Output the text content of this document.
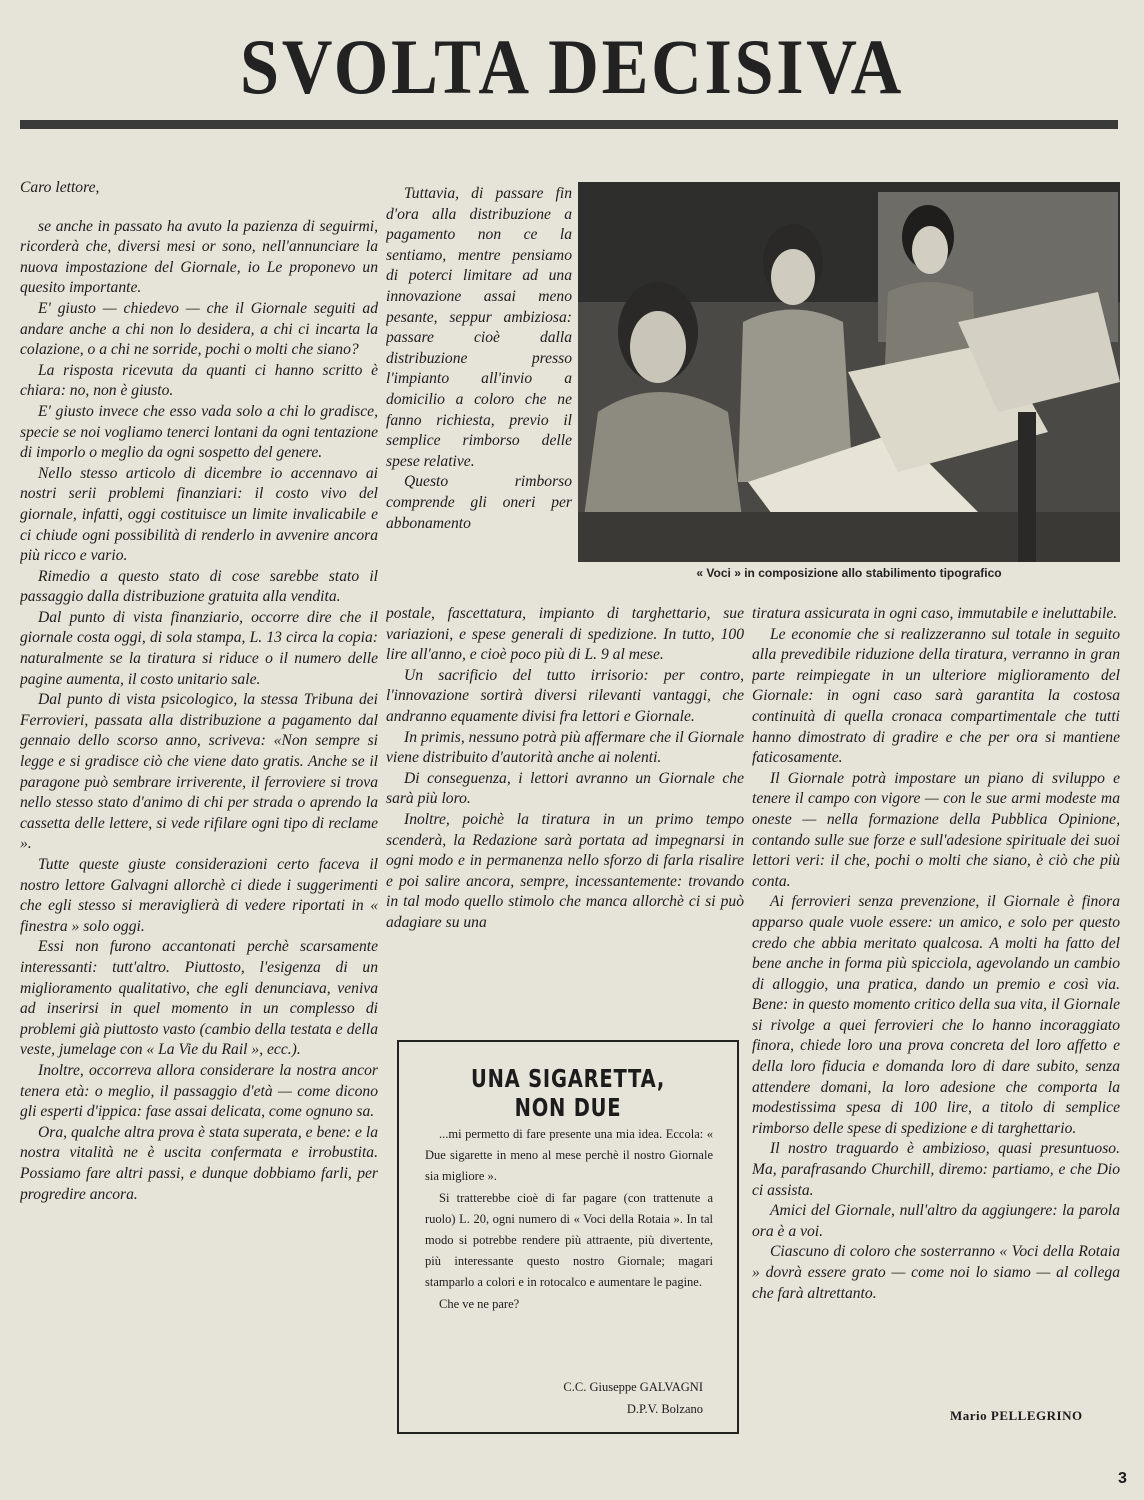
SVOLTA DECISIVA

Caro lettore,

se anche in passato ha avuto la pazienza di seguirmi, ricorderà che, diversi mesi or sono, nell'annunciare la nuova impostazione del Giornale, io Le proponevo un quesito importante.

E' giusto — chiedevo — che il Giornale seguiti ad andare anche a chi non lo desidera, a chi ci incarta la colazione, o a chi ne sorride, pochi o molti che siano?

La risposta ricevuta da quanti ci hanno scritto è chiara: no, non è giusto.

E' giusto invece che esso vada solo a chi lo gradisce, specie se noi vogliamo tenerci lontani da ogni tentazione di imporlo o meglio da ogni sospetto del genere.

Nello stesso articolo di dicembre io accennavo ai nostri serii problemi finanziari: il costo vivo del giornale, infatti, oggi costituisce un limite invalicabile e ci chiude ogni possibilità di renderlo in avvenire ancora più ricco e vario.

Rimedio a questo stato di cose sarebbe stato il passaggio dalla distribuzione gratuita alla vendita.

Dal punto di vista finanziario, occorre dire che il giornale costa oggi, di sola stampa, L. 13 circa la copia: naturalmente se la tiratura si riduce o il numero delle pagine aumenta, il costo unitario sale.

Dal punto di vista psicologico, la stessa Tribuna dei Ferrovieri, passata alla distribuzione a pagamento dal gennaio dello scorso anno, scriveva: «Non sempre si legge e si gradisce ciò che viene dato gratis. Anche se il paragone può sembrare irriverente, il ferroviere si trova nello stesso stato d'animo di chi per strada o aprendo la cassetta delle lettere, si vede rifilare ogni tipo di reclame ».

Tutte queste giuste considerazioni certo faceva il nostro lettore Galvagni allorchè ci diede i suggerimenti che egli stesso si meraviglierà di vedere riportati in « finestra » solo oggi.

Essi non furono accantonati perchè scarsamente interessanti: tutt'altro. Piuttosto, l'esigenza di un miglioramento qualitativo, che egli denunciava, veniva ad inserirsi in quel momento in un complesso di problemi già piuttosto vasto (cambio della testata e della veste, jumelage con « La Vie du Rail », ecc.).

Inoltre, occorreva allora considerare la nostra ancor tenera età: o meglio, il passaggio d'età — come dicono gli esperti d'ippica: fase assai delicata, come ognuno sa.

Ora, qualche altra prova è stata superata, e bene: e la nostra vitalità ne è uscita confermata e irrobustita. Possiamo fare altri passi, e dunque dobbiamo farli, per progredire ancora.

Tuttavia, di passare fin d'ora alla distribuzione a pagamento non ce la sentiamo, mentre pensiamo di poterci limitare ad una innovazione assai meno pesante, seppur ambiziosa: passare cioè dalla distribuzione presso l'impianto all'invio a domicilio a coloro che ne fanno richiesta, previo il semplice rimborso delle spese relative.

Questo rimborso comprende gli oneri per abbonamento

« Voci » in composizione allo stabilimento tipografico

postale, fascettatura, impianto di targhettario, sue variazioni, e spese generali di spedizione. In tutto, 100 lire all'anno, e cioè poco più di L. 9 al mese.

Un sacrificio del tutto irrisorio: per contro, l'innovazione sortirà diversi rilevanti vantaggi, che andranno equamente divisi fra lettori e Giornale.

In primis, nessuno potrà più affermare che il Giornale viene distribuito d'autorità anche ai nolenti.

Di conseguenza, i lettori avranno un Giornale che sarà più loro.

Inoltre, poichè la tiratura in un primo tempo scenderà, la Redazione sarà portata ad impegnarsi in ogni modo e in permanenza nello sforzo di farla risalire e poi salire ancora, sempre, incessantemente: trovando in tal modo quello stimolo che manca allorchè ci si può adagiare su una

tiratura assicurata in ogni caso, immutabile e ineluttabile.

Le economie che si realizzeranno sul totale in seguito alla prevedibile riduzione della tiratura, verranno in gran parte reimpiegate in un ulteriore miglioramento del Giornale: in ogni caso sarà garantita la costosa continuità di quella cronaca compartimentale che tutti hanno dimostrato di gradire e che per ora si mantiene faticosamente.

Il Giornale potrà impostare un piano di sviluppo e tenere il campo con vigore — con le sue armi modeste ma oneste — nella formazione della Pubblica Opinione, contando sulle sue forze e sull'adesione spirituale dei suoi lettori veri: il che, pochi o molti che siano, è ciò che più conta.

Ai ferrovieri senza prevenzione, il Giornale è finora apparso quale vuole essere: un amico, e solo per questo credo che abbia meritato qualcosa. A molti ha fatto del bene anche in forma più spicciola, agevolando un cambio di alloggio, una pratica, dando un premio e così via. Bene: in questo momento critico della sua vita, il Giornale si rivolge a quei ferrovieri che lo hanno incoraggiato finora, chiede loro una prova concreta del loro affetto e della loro fiducia e domanda loro di dare subito, senza attendere domani, la loro adesione che comporta la modestissima spesa di 100 lire, a titolo di semplice rimborso delle spese di spedizione e di targhettario.

Il nostro traguardo è ambizioso, quasi presuntuoso. Ma, parafrasando Churchill, diremo: partiamo, e che Dio ci assista.

Amici del Giornale, null'altro da aggiungere: la parola ora è a voi.

Ciascuno di coloro che sosterranno « Voci della Rotaia » dovrà essere grato — come noi lo siamo — al collega che farà altrettanto.

Mario PELLEGRINO
UNA SIGARETTA, NON DUE

...mi permetto di fare presente una mia idea. Eccola: « Due sigarette in meno al mese perchè il nostro Giornale sia migliore ».

Si tratterebbe cioè di far pagare (con trattenute a ruolo) L. 20, ogni numero di « Voci della Rotaia ». In tal modo si potrebbe rendere più attraente, più divertente, più interessante questo nostro Giornale; magari stamparlo a colori e in rotocalco e aumentare le pagine.

Che ve ne pare?

C.C. Giuseppe GALVAGNI
D.P.V. Bolzano
3
